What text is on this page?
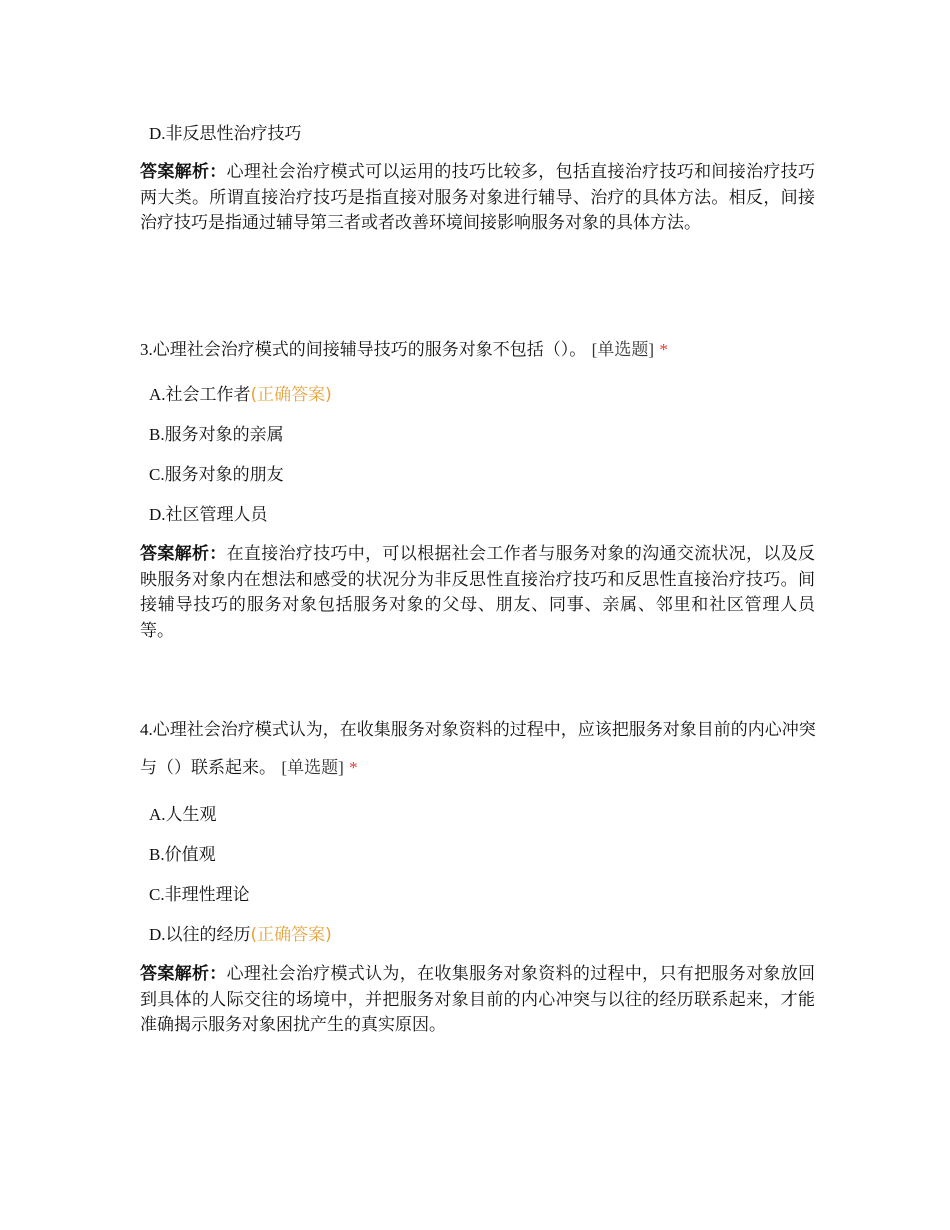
D.非反思性治疗技巧
答案解析：心理社会治疗模式可以运用的技巧比较多，包括直接治疗技巧和间接治疗技巧两大类。所谓直接治疗技巧是指直接对服务对象进行辅导、治疗的具体方法。相反，间接治疗技巧是指通过辅导第三者或者改善环境间接影响服务对象的具体方法。
3.心理社会治疗模式的间接辅导技巧的服务对象不包括（）。 [单选题] *
A.社会工作者(正确答案)
B.服务对象的亲属
C.服务对象的朋友
D.社区管理人员
答案解析：在直接治疗技巧中，可以根据社会工作者与服务对象的沟通交流状况，以及反映服务对象内在想法和感受的状况分为非反思性直接治疗技巧和反思性直接治疗技巧。间接辅导技巧的服务对象包括服务对象的父母、朋友、同事、亲属、邻里和社区管理人员等。
4.心理社会治疗模式认为，在收集服务对象资料的过程中，应该把服务对象目前的内心冲突与（）联系起来。 [单选题] *
A.人生观
B.价值观
C.非理性理论
D.以往的经历(正确答案)
答案解析：心理社会治疗模式认为，在收集服务对象资料的过程中，只有把服务对象放回到具体的人际交往的场境中，并把服务对象目前的内心冲突与以往的经历联系起来，才能准确揭示服务对象困扰产生的真实原因。
